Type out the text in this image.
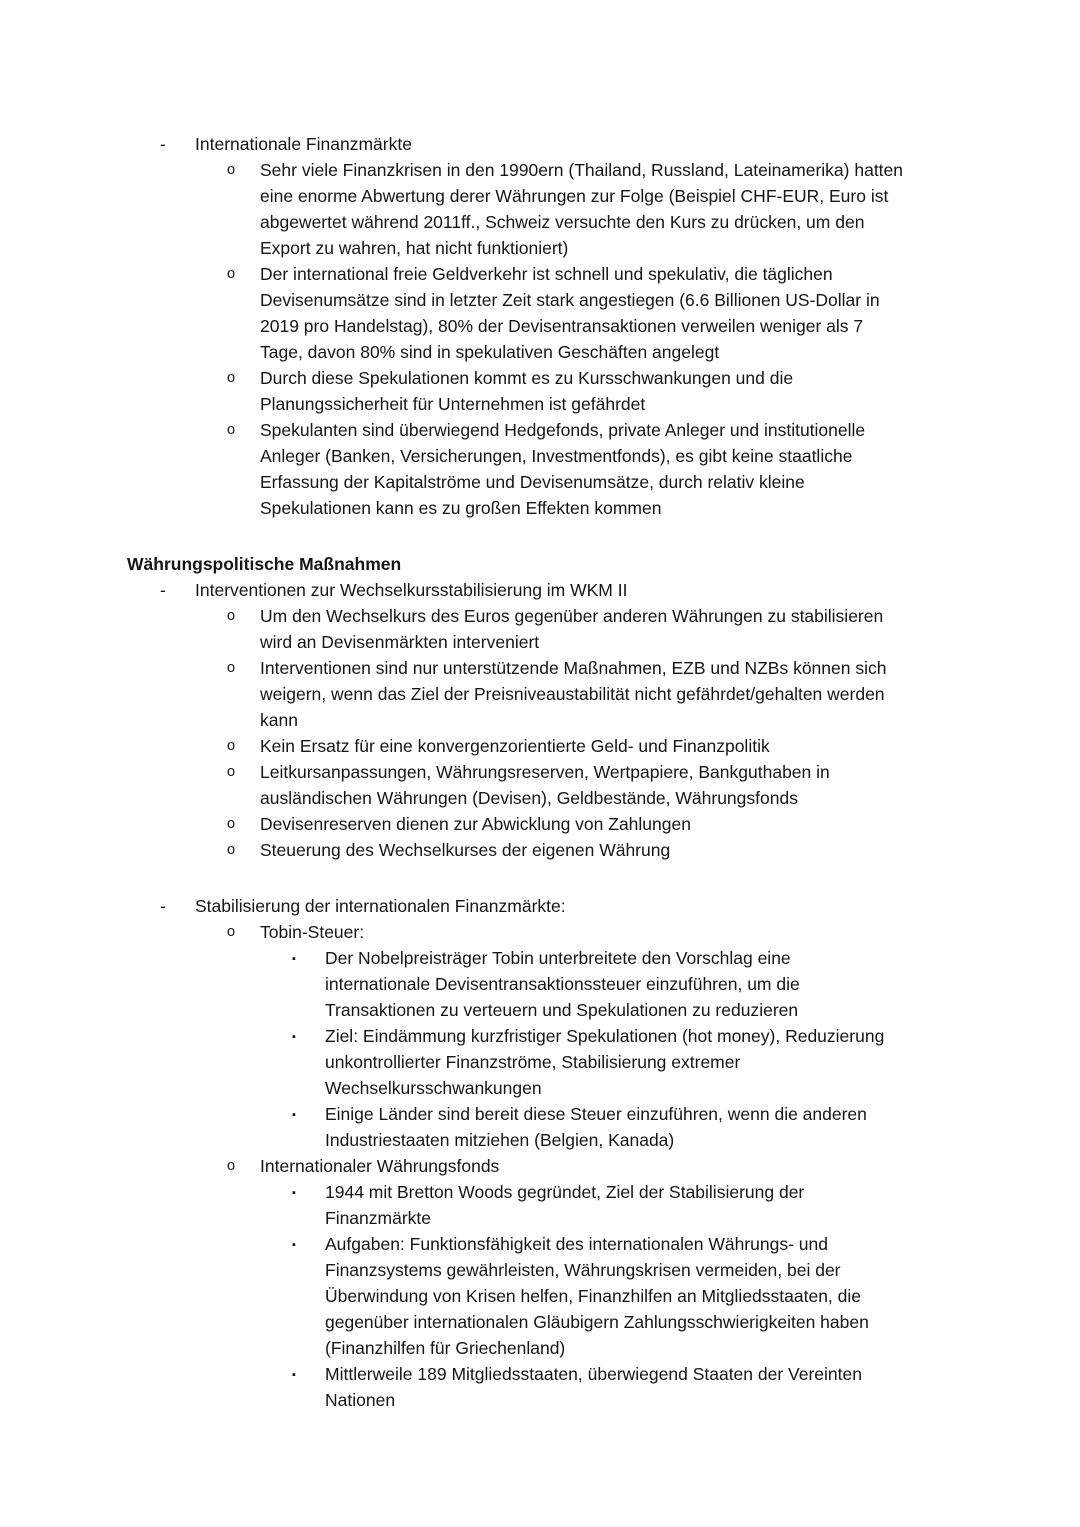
-	Internationale Finanzmärkte
o	Sehr viele Finanzkrisen in den 1990ern (Thailand, Russland, Lateinamerika) hatten
eine enorme Abwertung derer Währungen zur Folge (Beispiel CHF-EUR, Euro ist
abgewertet während 2011ff., Schweiz versuchte den Kurs zu drücken, um den
Export zu wahren, hat nicht funktioniert)
o	Der international freie Geldverkehr ist schnell und spekulativ, die täglichen
Devisenumsätze sind in letzter Zeit stark angestiegen (6.6 Billionen US-Dollar in
2019 pro Handelstag), 80% der Devisentransaktionen verweilen weniger als 7
Tage, davon 80% sind in spekulativen Geschäften angelegt
o	Durch diese Spekulationen kommt es zu Kursschwankungen und die
Planungssicherheit für Unternehmen ist gefährdet
o	Spekulanten sind überwiegend Hedgefonds, private Anleger und institutionelle
Anleger (Banken, Versicherungen, Investmentfonds), es gibt keine staatliche
Erfassung der Kapitalströme und Devisenumsätze, durch relativ kleine
Spekulationen kann es zu großen Effekten kommen
Währungspolitische Maßnahmen
-	Interventionen zur Wechselkursstabilisierung im WKM II
o	Um den Wechselkurs des Euros gegenüber anderen Währungen zu stabilisieren
wird an Devisenmärkten interveniert
o	Interventionen sind nur unterstützende Maßnahmen, EZB und NZBs können sich
weigern, wenn das Ziel der Preisniveaustabilität nicht gefährdet/gehalten werden
kann
o	Kein Ersatz für eine konvergenzorientierte Geld- und Finanzpolitik
o	Leitkursanpassungen, Währungsreserven, Wertpapiere, Bankguthaben in
ausländischen Währungen (Devisen), Geldbestände, Währungsfonds
o	Devisenreserven dienen zur Abwicklung von Zahlungen
o	Steuerung des Wechselkurses der eigenen Währung
-	Stabilisierung der internationalen Finanzmärkte:
o	Tobin-Steuer:
▪	Der Nobelpreisträger Tobin unterbreitete den Vorschlag eine
internationale Devisentransaktionssteuer einzuführen, um die
Transaktionen zu verteuern und Spekulationen zu reduzieren
▪	Ziel: Eindämmung kurzfristiger Spekulationen (hot money), Reduzierung
unkontrollierter Finanzströme, Stabilisierung extremer
Wechselkursschwankungen
▪	Einige Länder sind bereit diese Steuer einzuführen, wenn die anderen
Industriestaaten mitziehen (Belgien, Kanada)
o	Internationaler Währungsfonds
▪	1944 mit Bretton Woods gegründet, Ziel der Stabilisierung der
Finanzmärkte
▪	Aufgaben: Funktionsfähigkeit des internationalen Währungs- und
Finanzsystems gewährleisten, Währungskrisen vermeiden, bei der
Überwindung von Krisen helfen, Finanzhilfen an Mitgliedsstaaten, die
gegenüber internationalen Gläubigern Zahlungsschwierigkeiten haben
(Finanzhilfen für Griechenland)
▪	Mittlerweile 189 Mitgliedsstaaten, überwiegend Staaten der Vereinten
Nationen
